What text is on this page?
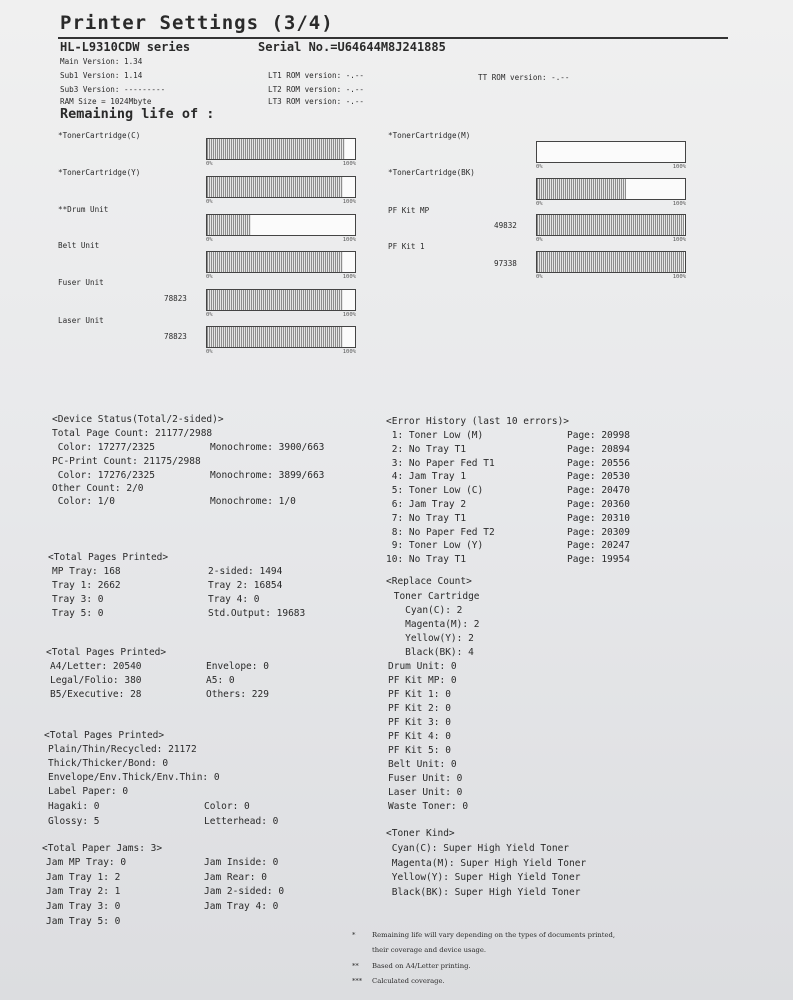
Printer Settings (3/4)
HL-L9310CDW series	Serial No.=U64644M8J241885
Main Version: 1.34
Sub1 Version: 1.14
Sub3 Version: ---------
RAM Size = 1024Mbyte
LT1 ROM version: -.--
LT2 ROM version: -.--
LT3 ROM version: -.--
TT ROM version: -.--
Remaining life of :
*TonerCartridge(C)
0%	100%
*TonerCartridge(Y)
0%	100%
**Drum Unit
0%	100%
Belt Unit
0%	100%
Fuser Unit
78823
0%	100%
Laser Unit
78823
0%	100%
*TonerCartridge(M)
0%	100%
*TonerCartridge(BK)
0%	100%
PF Kit MP
49832
0%	100%
PF Kit 1
97338
0%	100%
<Device Status(Total/2-sided)>
Total Page Count: 21177/2988
Color: 17277/2325	Monochrome: 3900/663
PC-Print Count: 21175/2988
Color: 17276/2325	Monochrome: 3899/663
Other Count: 2/0
Color: 1/0	Monochrome: 1/0
<Error History (last 10 errors)>
1: Toner Low (M)	Page: 20998
2: No Tray T1	Page: 20894
3: No Paper Fed T1	Page: 20556
4: Jam Tray 1	Page: 20530
5: Toner Low (C)	Page: 20470
6: Jam Tray 2	Page: 20360
7: No Tray T1	Page: 20310
8: No Paper Fed T2	Page: 20309
9: Toner Low (Y)	Page: 20247
10: No Tray T1	Page: 19954
<Total Pages Printed>
MP Tray: 168	2-sided: 1494
Tray 1: 2662	Tray 2: 16854
Tray 3: 0	Tray 4: 0
Tray 5: 0	Std.Output: 19683
<Total Pages Printed>
A4/Letter: 20540	Envelope: 0
Legal/Folio: 380	A5: 0
B5/Executive: 28	Others: 229
<Total Pages Printed>
Plain/Thin/Recycled: 21172
Thick/Thicker/Bond: 0
Envelope/Env.Thick/Env.Thin: 0
Label Paper: 0
Hagaki: 0	Color: 0
Glossy: 5	Letterhead: 0
<Total Paper Jams: 3>
Jam MP Tray: 0	Jam Inside: 0
Jam Tray 1: 2	Jam Rear: 0
Jam Tray 2: 1	Jam 2-sided: 0
Jam Tray 3: 0	Jam Tray 4: 0
Jam Tray 5: 0
<Replace Count>
Toner Cartridge
Cyan(C): 2
Magenta(M): 2
Yellow(Y): 2
Black(BK): 4
Drum Unit: 0
PF Kit MP: 0
PF Kit 1: 0
PF Kit 2: 0
PF Kit 3: 0
PF Kit 4: 0
PF Kit 5: 0
Belt Unit: 0
Fuser Unit: 0
Laser Unit: 0
Waste Toner: 0
<Toner Kind>
Cyan(C): Super High Yield Toner
Magenta(M): Super High Yield Toner
Yellow(Y): Super High Yield Toner
Black(BK): Super High Yield Toner
* Remaining life will vary depending on the types of documents printed,
their coverage and device usage.
** Based on A4/Letter printing.
*** Calculated coverage.
